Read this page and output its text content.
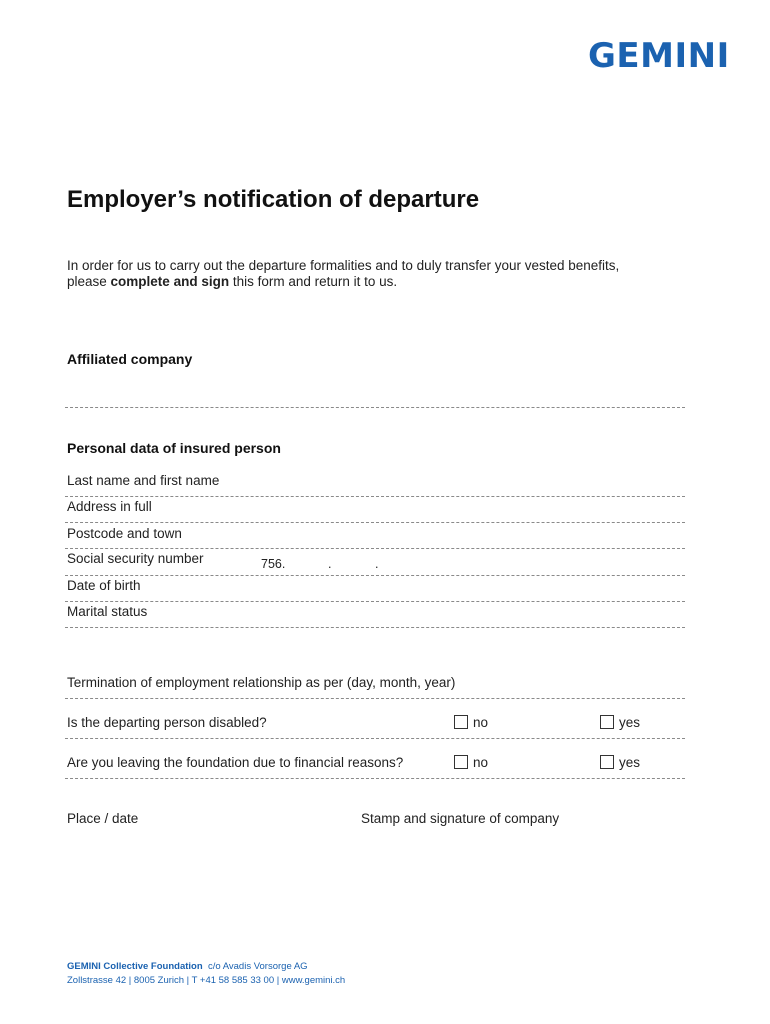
GEMINI
Employer’s notification of departure
In order for us to carry out the departure formalities and to duly transfer your vested benefits,
please complete and sign this form and return it to us.
Affiliated company
Personal data of insured person
Last name and first name
Address in full
Postcode and town
Social security number	756.	.	.
Date of birth
Marital status
Termination of employment relationship as per (day, month, year)
Is the departing person disabled?	no	yes
Are you leaving the foundation due to financial reasons?	no	yes
Place / date	Stamp and signature of company
GEMINI Collective Foundation c/o Avadis Vorsorge AG
Zollstrasse 42 | 8005 Zurich | T +41 58 585 33 00 | www.gemini.ch
